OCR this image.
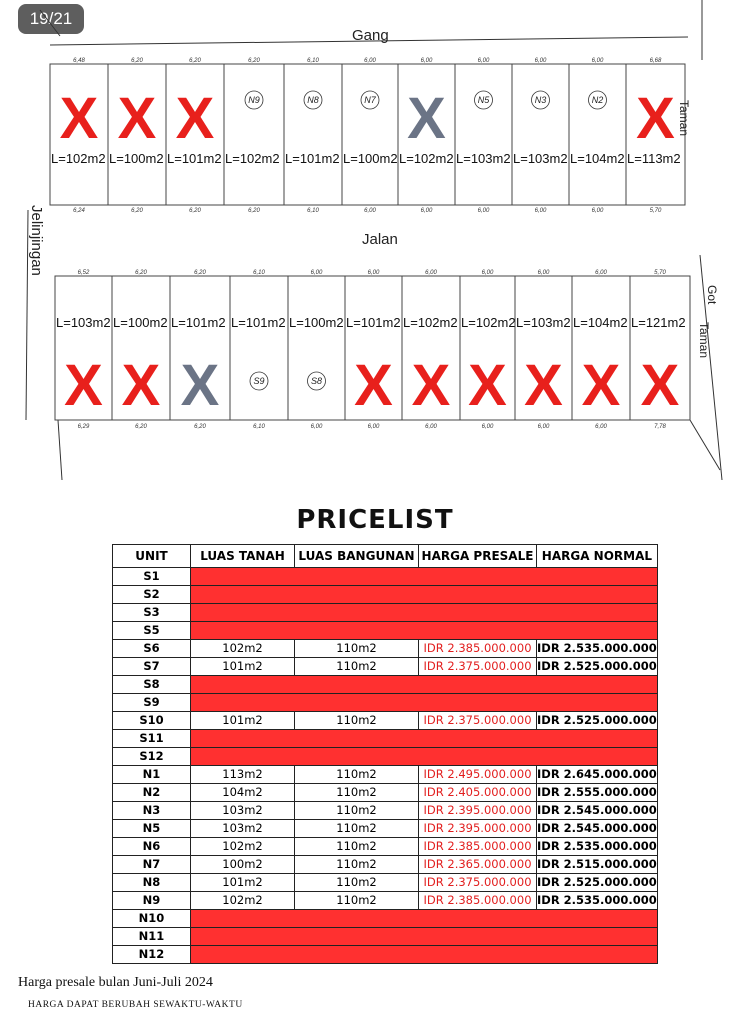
19/21
6,48
6,24
L=102m2
X
6,20
6,20
L=100m2
X
6,20
6,20
L=101m2
X
6,20
6,20
N9
L=102m2
6,10
6,10
N8
L=101m2
6,00
6,00
N7
L=100m2
6,00
6,00
L=102m2
X
6,00
6,00
N5
L=103m2
6,00
6,00
N3
L=103m2
6,00
6,00
N2
L=104m2
6,68
5,70
L=113m2
X
6,52
6,29
L=103m2
X
6,20
6,20
L=100m2
X
6,20
6,20
L=101m2
X
6,10
6,10
S9
L=101m2
6,00
6,00
S8
L=100m2
6,00
6,00
L=101m2
X
6,00
6,00
L=102m2
X
6,00
6,00
L=102m2
X
6,00
6,00
L=103m2
X
6,00
6,00
L=104m2
X
5,70
7,78
L=121m2
X
Gang
Jalan
Jelinjingan
Taman
Got
Taman
PRICELIST
UNIT	LUAS TANAH	LUAS BANGUNAN	HARGA PRESALE	HARGA NORMAL
S1				
S2				
S3				
S5				
S6	102m2	110m2	IDR 2.385.000.000	IDR 2.535.000.000
S7	101m2	110m2	IDR 2.375.000.000	IDR 2.525.000.000
S8				
S9				
S10	101m2	110m2	IDR 2.375.000.000	IDR 2.525.000.000
S11				
S12				
N1	113m2	110m2	IDR 2.495.000.000	IDR 2.645.000.000
N2	104m2	110m2	IDR 2.405.000.000	IDR 2.555.000.000
N3	103m2	110m2	IDR 2.395.000.000	IDR 2.545.000.000
N5	103m2	110m2	IDR 2.395.000.000	IDR 2.545.000.000
N6	102m2	110m2	IDR 2.385.000.000	IDR 2.535.000.000
N7	100m2	110m2	IDR 2.365.000.000	IDR 2.515.000.000
N8	101m2	110m2	IDR 2.375.000.000	IDR 2.525.000.000
N9	102m2	110m2	IDR 2.385.000.000	IDR 2.535.000.000
N10				
N11				
N12				
Harga presale bulan Juni-Juli 2024
HARGA DAPAT BERUBAH SEWAKTU-WAKTU
